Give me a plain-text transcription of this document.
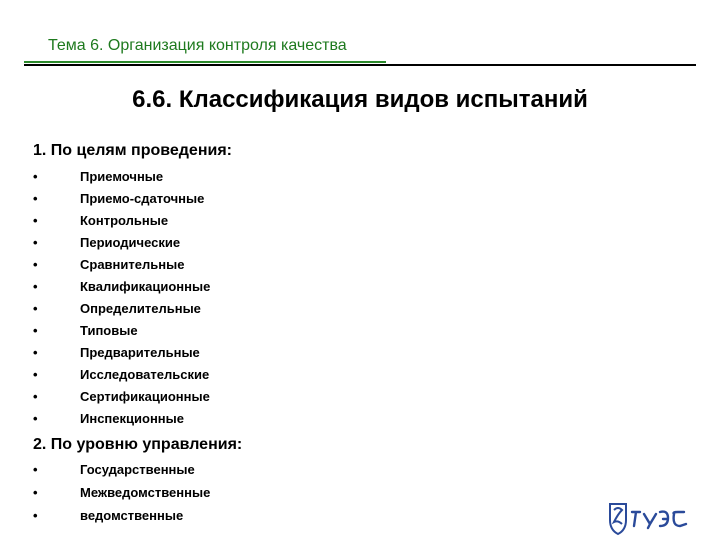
Тема 6. Организация контроля качества
6.6. Классификация видов испытаний
1. По целям проведения:
•	Приемочные
•	Приемо-сдаточные
•	Контрольные
•	Периодические
•	Сравнительные
•	Квалификационные
•	Определительные
•	Типовые
•	Предварительные
•	Исследовательские
•	Сертификационные
•	Инспекционные
2. По уровню управления:
•	Государственные
•	Межведомственные
•	ведомственные
